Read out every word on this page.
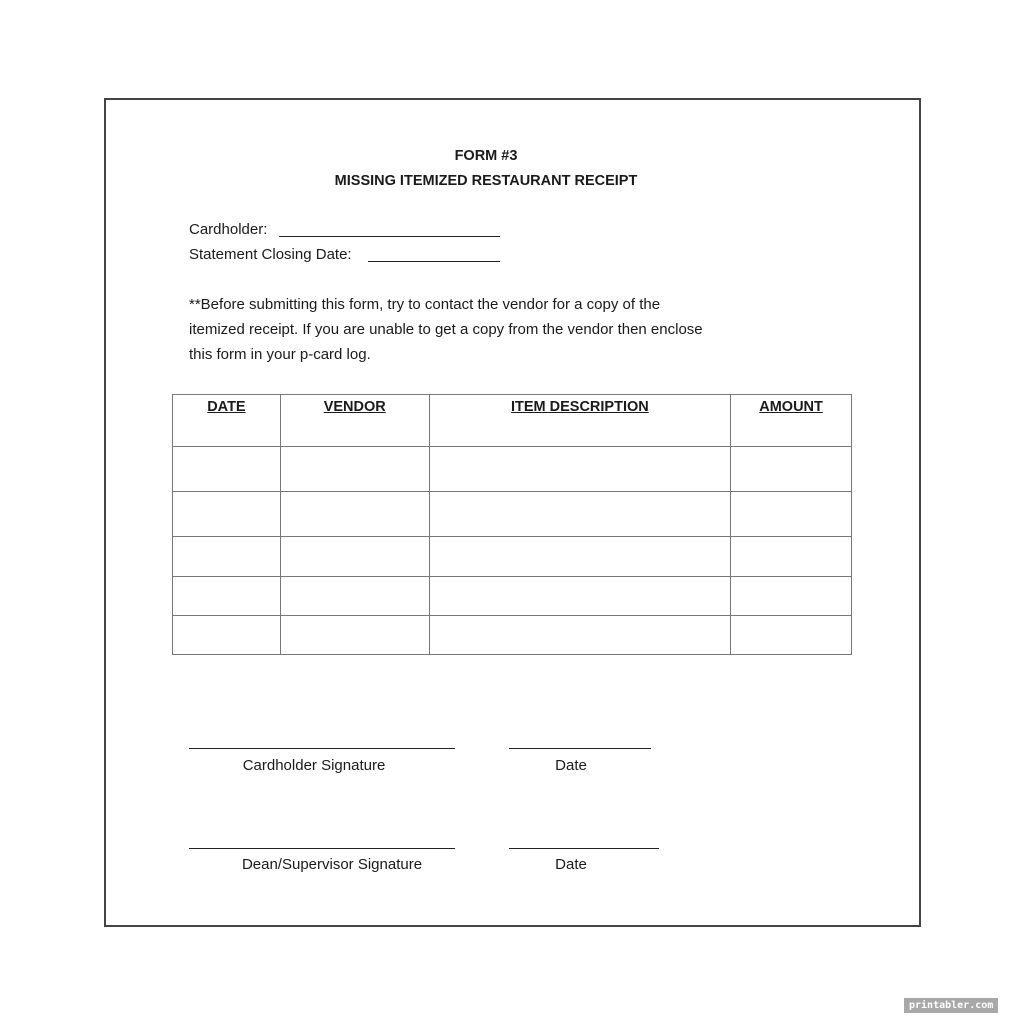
FORM #3
MISSING ITEMIZED RESTAURANT RECEIPT
Cardholder:
Statement Closing Date:
**Before submitting this form, try to contact the vendor for a copy of the
itemized receipt. If you are unable to get a copy from the vendor then enclose
this form in your p-card log.
DATE	VENDOR	ITEM DESCRIPTION	AMOUNT

Cardholder Signature	Date
Dean/Supervisor Signature	Date
printabler.com
